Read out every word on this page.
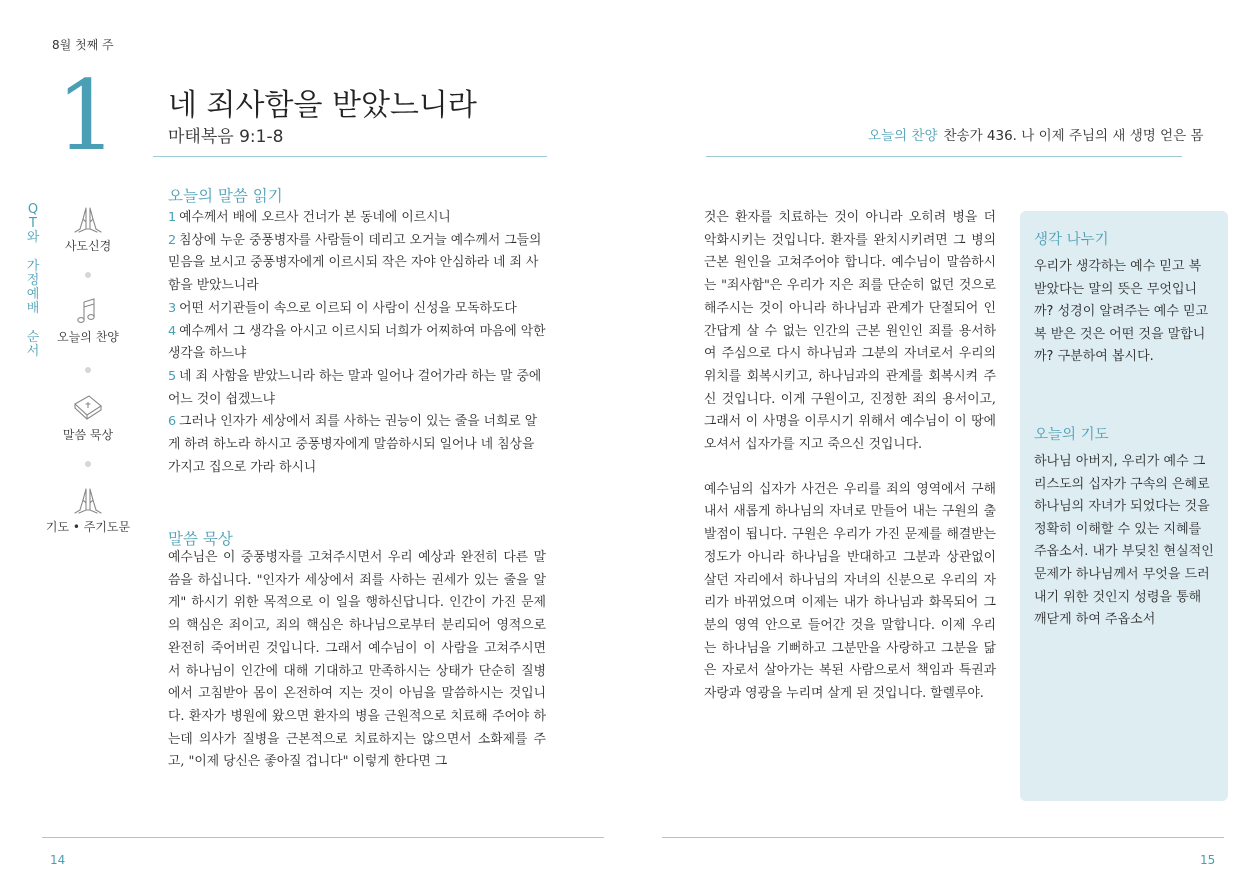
8월 첫째 주
1 네 죄사함을 받았느니라
마태복음 9:1-8	오늘의 찬양 찬송가 436. 나 이제 주님의 새 생명 얻은 몸
Q
T
와

가
정
예
배

순
서
사도신경
오늘의 찬양
말씀 묵상
기도 • 주기도문
오늘의 말씀 읽기

1 예수께서 배에 오르사 건너가 본 동네에 이르시니

2 침상에 누운 중풍병자를 사람들이 데리고 오거늘 예수께서 그들의 믿음을 보시고 중풍병자에게 이르시되 작은 자야 안심하라 네 죄 사함을 받았느니라

3 어떤 서기관들이 속으로 이르되 이 사람이 신성을 모독하도다

4 예수께서 그 생각을 아시고 이르시되 너희가 어찌하여 마음에 악한 생각을 하느냐

5 네 죄 사함을 받았느니라 하는 말과 일어나 걸어가라 하는 말 중에 어느 것이 쉽겠느냐

6 그러나 인자가 세상에서 죄를 사하는 권능이 있는 줄을 너희로 알게 하려 하노라 하시고 중풍병자에게 말씀하시되 일어나 네 침상을 가지고 집으로 가라 하시니

말씀 묵상
예수님은 이 중풍병자를 고쳐주시면서 우리 예상과 완전히 다른 말씀을 하십니다. "인자가 세상에서 죄를 사하는 권세가 있는 줄을 알게" 하시기 위한 목적으로 이 일을 행하신답니다. 인간이 가진 문제의 핵심은 죄이고, 죄의 핵심은 하나님으로부터 분리되어 영적으로 완전히 죽어버린 것입니다. 그래서 예수님이 이 사람을 고쳐주시면서 하나님이 인간에 대해 기대하고 만족하시는 상태가 단순히 질병에서 고침받아 몸이 온전하여 지는 것이 아님을 말씀하시는 것입니다. 환자가 병원에 왔으면 환자의 병을 근원적으로 치료해 주어야 하는데 의사가 질병을 근본적으로 치료하지는 않으면서 소화제를 주고, "이제 당신은 좋아질 겁니다" 이렇게 한다면 그

것은 환자를 치료하는 것이 아니라 오히려 병을 더 악화시키는 것입니다. 환자를 완치시키려면 그 병의 근본 원인을 고쳐주어야 합니다. 예수님이 말씀하시는 "죄사함"은 우리가 지은 죄를 단순히 없던 것으로 해주시는 것이 아니라 하나님과 관계가 단절되어 인간답게 살 수 없는 인간의 근본 원인인 죄를 용서하여 주심으로 다시 하나님과 그분의 자녀로서 우리의 위치를 회복시키고, 하나님과의 관계를 회복시켜 주신 것입니다. 이게 구원이고, 진정한 죄의 용서이고, 그래서 이 사명을 이루시기 위해서 예수님이 이 땅에 오셔서 십자가를 지고 죽으신 것입니다.

예수님의 십자가 사건은 우리를 죄의 영역에서 구해내서 새롭게 하나님의 자녀로 만들어 내는 구원의 출발점이 됩니다. 구원은 우리가 가진 문제를 해결받는 정도가 아니라 하나님을 반대하고 그분과 상관없이 살던 자리에서 하나님의 자녀의 신분으로 우리의 자리가 바뀌었으며 이제는 내가 하나님과 화목되어 그분의 영역 안으로 들어간 것을 말합니다. 이제 우리는 하나님을 기뻐하고 그분만을 사랑하고 그분을 닮은 자로서 살아가는 복된 사람으로서 책임과 특권과 자랑과 영광을 누리며 살게 된 것입니다. 할렐루야.

생각 나누기
우리가 생각하는 예수 믿고 복 받았다는 말의 뜻은 무엇입니까? 성경이 알려주는 예수 믿고 복 받은 것은 어떤 것을 말합니까? 구분하여 봅시다.
오늘의 기도
하나님 아버지, 우리가 예수 그리스도의 십자가 구속의 은혜로 하나님의 자녀가 되었다는 것을 정확히 이해할 수 있는 지혜를 주옵소서. 내가 부딪친 현실적인 문제가 하나님께서 무엇을 드러내기 위한 것인지 성령을 통해 깨닫게 하여 주옵소서
14	15
